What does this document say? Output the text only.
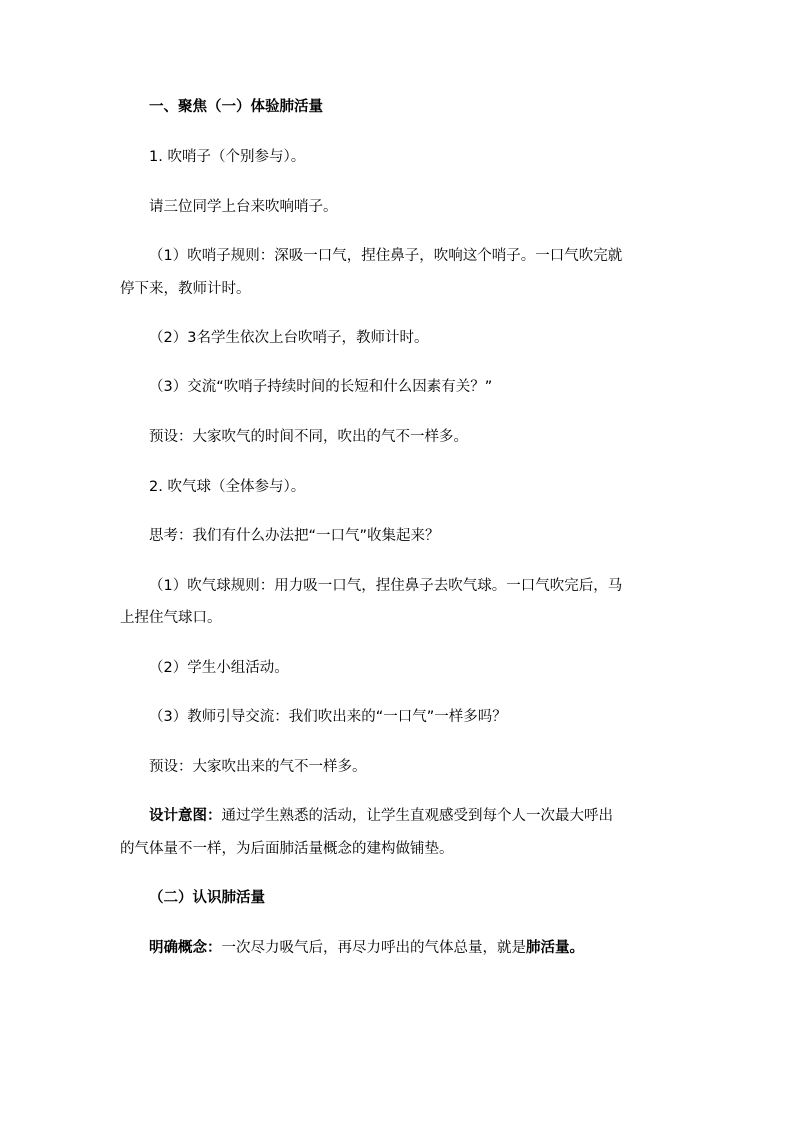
一、聚焦（一）体验肺活量
1. 吹哨子（个别参与）。
请三位同学上台来吹响哨子。
（1）吹哨子规则：深吸一口气，捏住鼻子，吹响这个哨子。一口气吹完就
停下来，教师计时。
（2）3名学生依次上台吹哨子，教师计时。
（3）交流“吹哨子持续时间的长短和什么因素有关？”
预设：大家吹气的时间不同，吹出的气不一样多。
2. 吹气球（全体参与）。
思考：我们有什么办法把“一口气”收集起来？
（1）吹气球规则：用力吸一口气，捏住鼻子去吹气球。一口气吹完后，马
上捏住气球口。
（2）学生小组活动。
（3）教师引导交流：我们吹出来的“一口气”一样多吗？
预设：大家吹出来的气不一样多。
设计意图：通过学生熟悉的活动，让学生直观感受到每个人一次最大呼出
的气体量不一样，为后面肺活量概念的建构做铺垫。
（二）认识肺活量
明确概念：一次尽力吸气后，再尽力呼出的气体总量，就是肺活量。
